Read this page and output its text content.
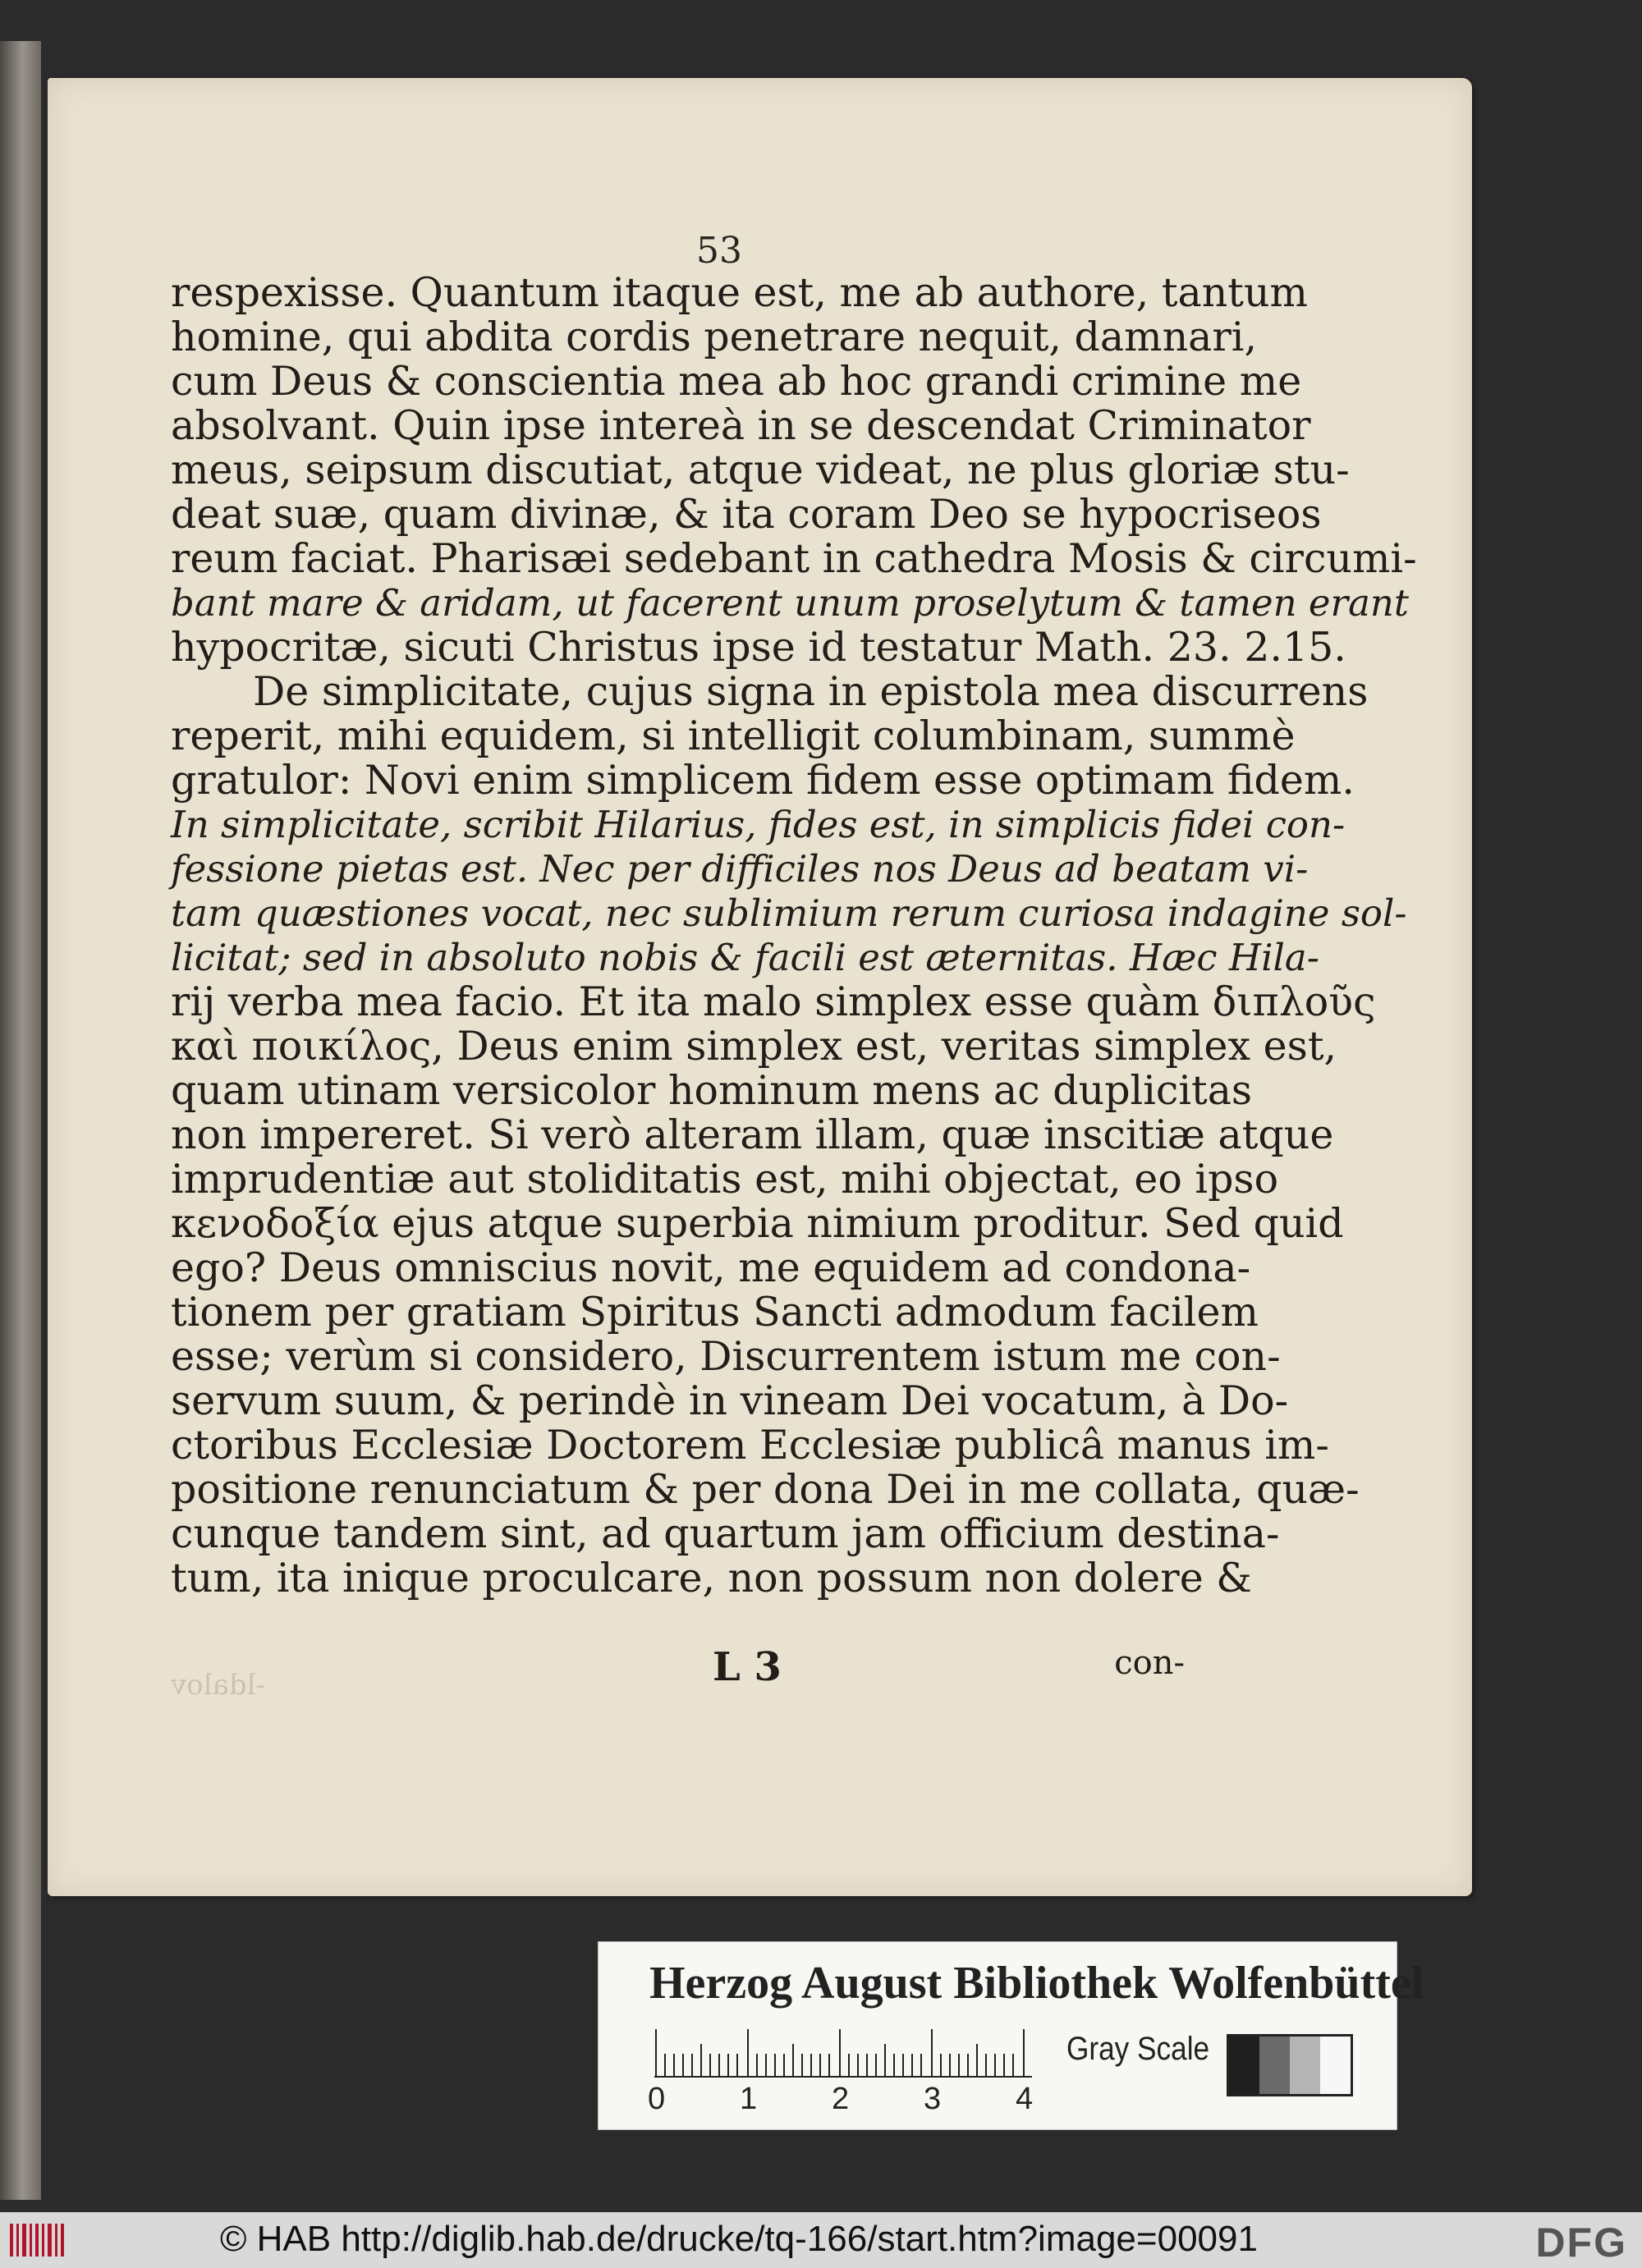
53
respexisse. Quantum itaque est, me ab authore, tantum
homine, qui abdita cordis penetrare nequit, damnari,
cum Deus & conscientia mea ab hoc grandi crimine me
absolvant. Quin ipse intereà in se descendat Criminator
meus, seipsum discutiat, atque videat, ne plus gloriæ stu-
deat suæ, quam divinæ, & ita coram Deo se hypocriseos
reum faciat. Pharisæi sedebant in cathedra Mosis & circumi-
bant mare & aridam, ut facerent unum proselytum & tamen erant
hypocritæ, sicuti Christus ipse id testatur Math. 23. 2.15.
De simplicitate, cujus signa in epistola mea discurrens
reperit, mihi equidem, si intelligit columbinam, summè
gratulor: Novi enim simplicem fidem esse optimam fidem.
In simplicitate, scribit Hilarius, fides est, in simplicis fidei con-
fessione pietas est. Nec per difficiles nos Deus ad beatam vi-
tam quæstiones vocat, nec sublimium rerum curiosa indagine sol-
licitat; sed in absoluto nobis & facili est æternitas. Hæc Hila-
rij verba mea facio. Et ita malo simplex esse quàm διπλοῦς
καὶ ποικίλος, Deus enim simplex est, veritas simplex est,
quam utinam versicolor hominum mens ac duplicitas
non impereret. Si verò alteram illam, quæ inscitiæ atque
imprudentiæ aut stoliditatis est, mihi objectat, eo ipso
κενοδοξία ejus atque superbia nimium proditur. Sed quid
ego? Deus omniscius novit, me equidem ad condona-
tionem per gratiam Spiritus Sancti admodum facilem
esse; verùm si considero, Discurrentem istum me con-
servum suum, & perindè in vineam Dei vocatum, à Do-
ctoribus Ecclesiæ Doctorem Ecclesiæ publicâ manus im-
positione renunciatum & per dona Dei in me collata, quæ-
cunque tandem sint, ad quartum jam officium destina-
tum, ita inique proculcare, non possum non dolere &
L 3	con-
-ldalov
Herzog August Bibliothek Wolfenbüttel
0 1 2 3 4
Gray Scale
© HAB http://diglib.hab.de/drucke/tq-166/start.htm?image=00091	DFG
